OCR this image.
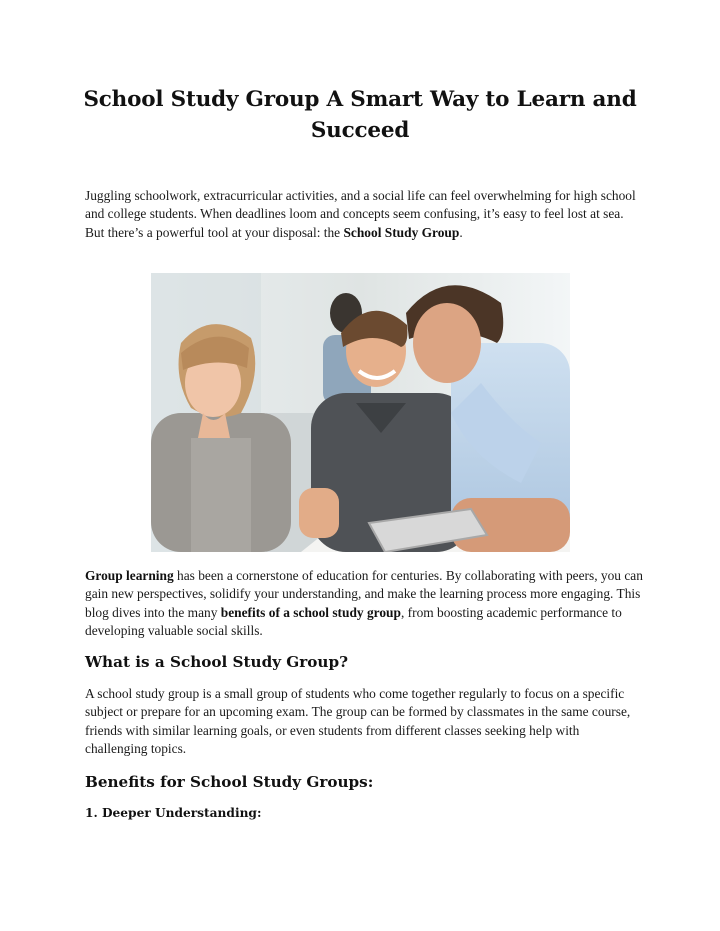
School Study Group A Smart Way to Learn and Succeed

Juggling schoolwork, extracurricular activities, and a social life can feel overwhelming for high school and college students. When deadlines loom and concepts seem confusing, it’s easy to feel lost at sea. But there’s a powerful tool at your disposal: the School Study Group.

Group learning has been a cornerstone of education for centuries. By collaborating with peers, you can gain new perspectives, solidify your understanding, and make the learning process more engaging. This blog dives into the many benefits of a school study group, from boosting academic performance to developing valuable social skills.

What is a School Study Group?

A school study group is a small group of students who come together regularly to focus on a specific subject or prepare for an upcoming exam. The group can be formed by classmates in the same course, friends with similar learning goals, or even students from different classes seeking help with challenging topics.

Benefits for School Study Groups:
1. Deeper Understanding:
